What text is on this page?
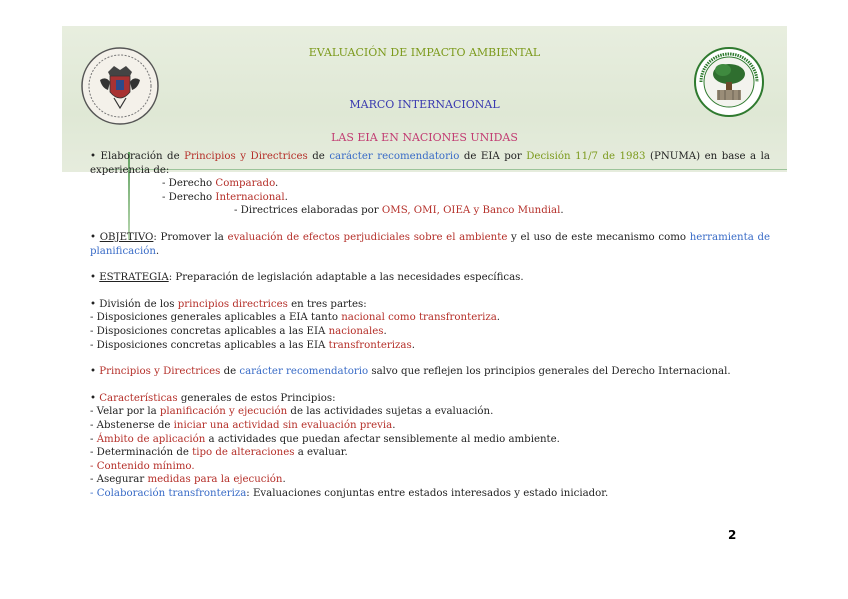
EVALUACIÓN DE IMPACTO AMBIENTAL
MARCO INTERNACIONAL
LAS EIA EN NACIONES UNIDAS

• Elaboración de Principios y Directrices de carácter recomendatorio de EIA por Decisión 11/7 de 1983 (PNUMA) en base a la experiencia de:

- Derecho Comparado.

- Derecho Internacional.

- Directrices elaboradas por OMS, OMI, OIEA y Banco Mundial.

• OBJETIVO: Promover la evaluación de efectos perjudiciales sobre el ambiente y el uso de este mecanismo como herramienta de planificación.

• ESTRATEGIA: Preparación de legislación adaptable a las necesidades específicas.

• División de los principios directrices en tres partes:

- Disposiciones generales aplicables a EIA tanto nacional como transfronteriza.

- Disposiciones concretas aplicables a las EIA nacionales.

- Disposiciones concretas aplicables a las EIA transfronterizas.

• Principios y Directrices de carácter recomendatorio salvo que reflejen los principios generales del Derecho Internacional.

• Características generales de estos Principios:

- Velar por la planificación y ejecución de las actividades sujetas a evaluación.

- Abstenerse de iniciar una actividad sin evaluación previa.

- Ámbito de aplicación a actividades que puedan afectar sensiblemente al medio ambiente.

- Determinación de tipo de alteraciones a evaluar.

- Contenido mínimo.

- Asegurar medidas para la ejecución.

- Colaboración transfronteriza: Evaluaciones conjuntas entre estados interesados y estado iniciador.

2
